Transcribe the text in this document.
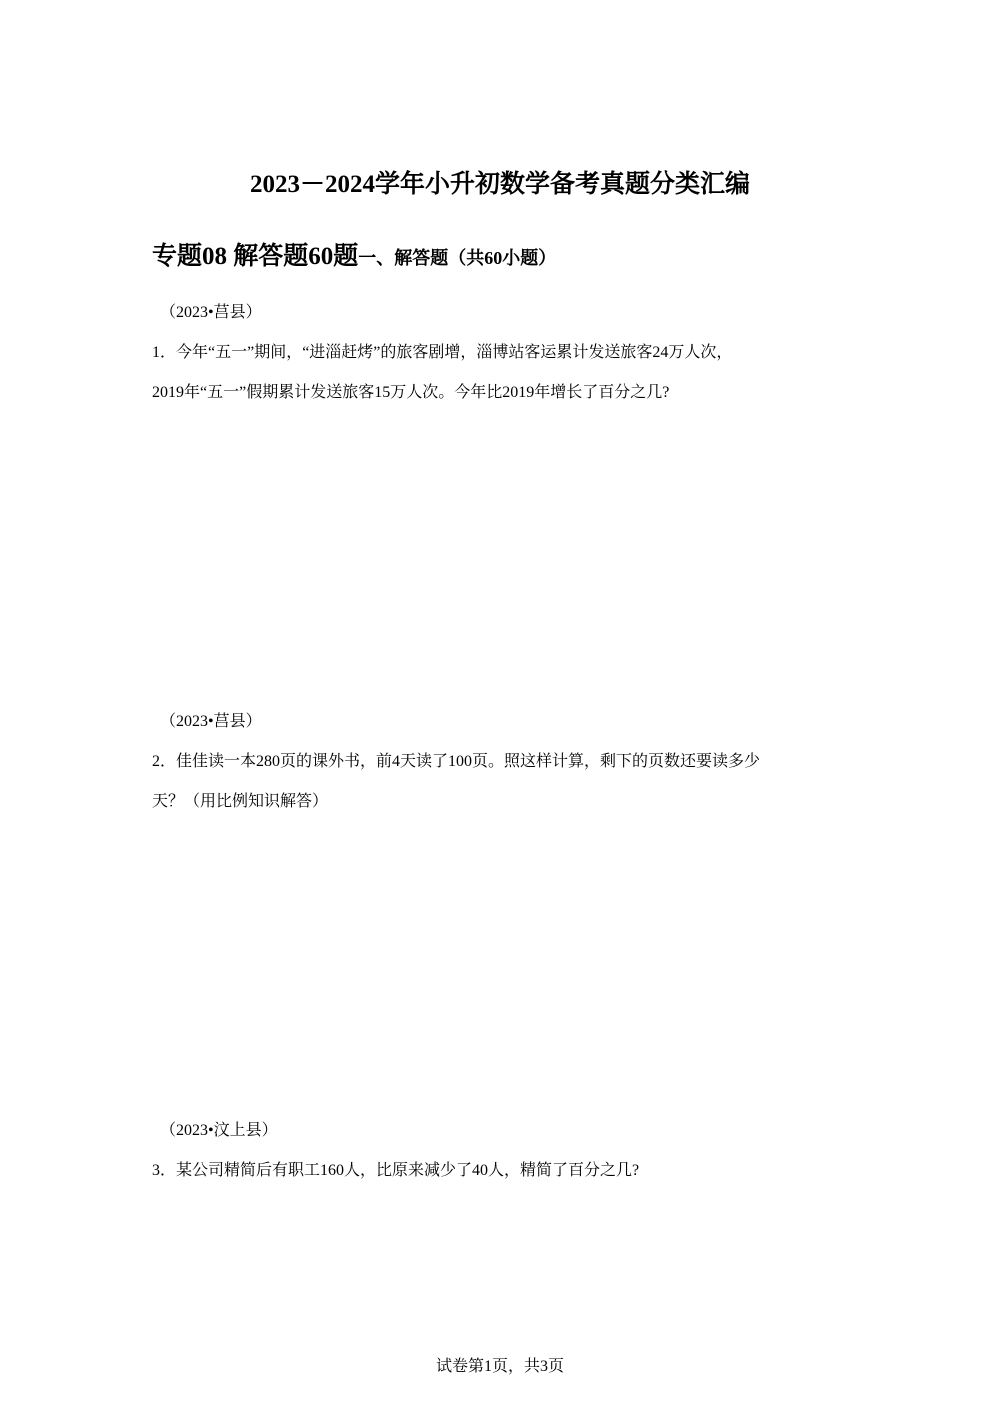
2023－2024学年小升初数学备考真题分类汇编
专题08 解答题60题一、解答题（共60小题）
（2023•莒县）
1．今年“五一”期间，“进淄赶烤”的旅客剧增，淄博站客运累计发送旅客24万人次，
2019年“五一”假期累计发送旅客15万人次。今年比2019年增长了百分之几?
（2023•莒县）
2．佳佳读一本280页的课外书，前4天读了100页。照这样计算，剩下的页数还要读多少
天？（用比例知识解答）
（2023•汶上县）
3．某公司精简后有职工160人，比原来减少了40人，精简了百分之几?
试卷第1页，共3页
